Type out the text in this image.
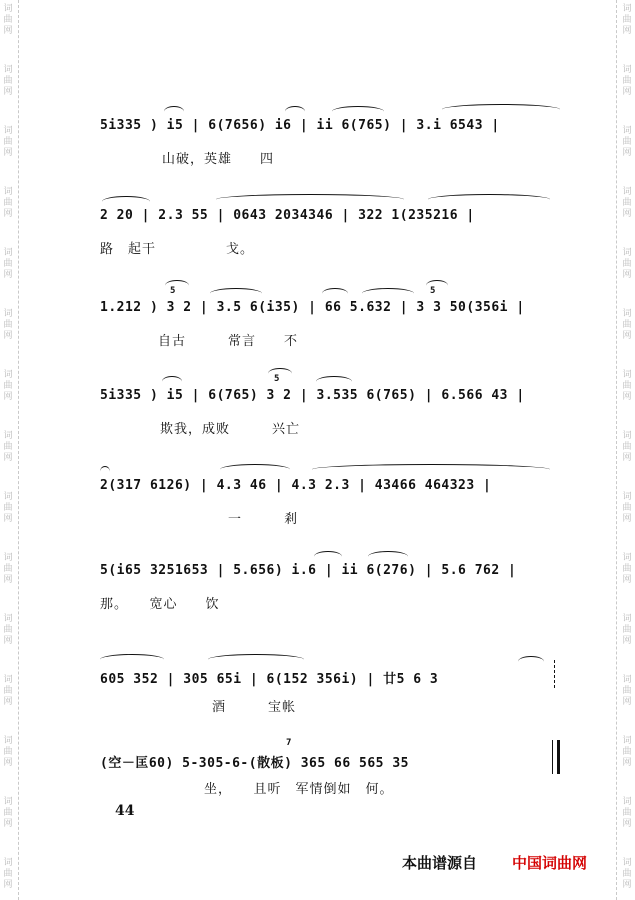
词
曲
网
词
曲
网
词
曲
网
词
曲
网
词
曲
网
词
曲
网
词
曲
网
词
曲
网
词
曲
网
词
曲
网
词
曲
网
词
曲
网
词
曲
网
词
曲
网
词
曲
网
词
曲
网
词
曲
网
词
曲
网
词
曲
网
词
曲
网
词
曲
网
词
曲
网
词
曲
网
词
曲
网
词
曲
网
词
曲
网
词
曲
网
词
曲
网
词
曲
网
词
曲
网
5i335 ) i5 | 6(7656) i6 | ii 6(765) | 3.i 6543 |
山破，英雄　　四
2 20 | 2.3 55 | 0643 2034346 | 322 1(235216 |
路　起干　　　　　戈。
1.212 ) 3 2 | 3.5 6(i35) | 66 5.632 | 3 3 50(356i |
自古　　　常言　　不
5	5
5i335 ) i5 | 6(765) 3 2 | 3.535 6(765) | 6.566 43 |
欺我，成败　　　兴亡
5
2(317 6126) | 4.3 46 | 4.3 2.3 | 43466 464323 |
一　　　剎
5(i65 3251653 | 5.656) i.6 | ii 6(276) | 5.6 762 |
那。　　宽心　　饮
605 352 | 305 65i | 6(152 356i) | 廿5 6 3
酒　　　宝帐
(空－匡60) 5-305-6-(散板) 365 66 565 35
坐，　　且听　军情倒如　何。
7
44
本曲谱源自 中国词曲网
